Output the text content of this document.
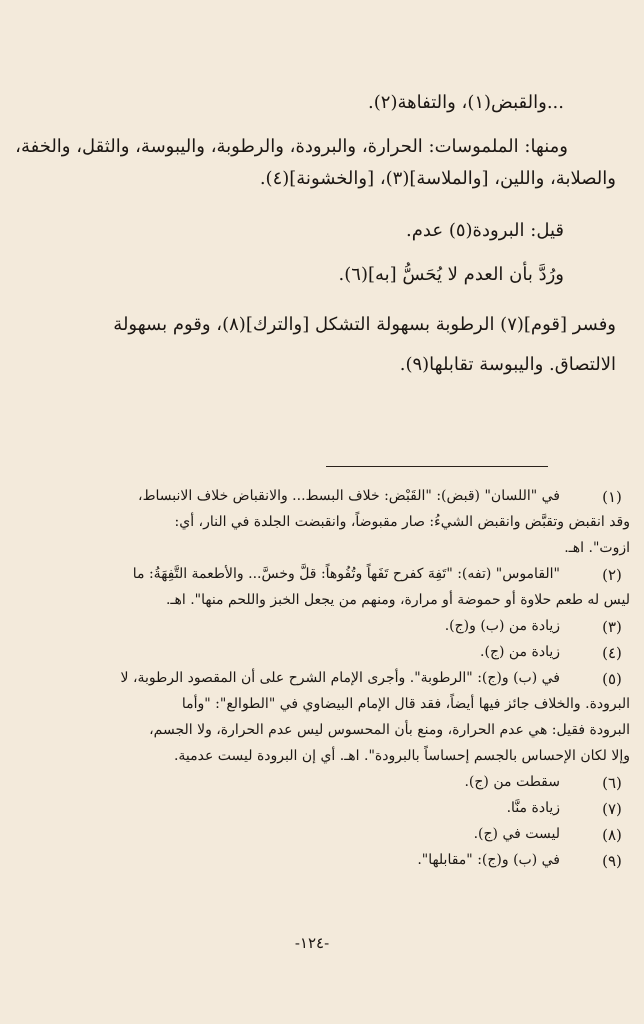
...والقبض(١)، والتفاهة(٢).

ومنها: الملموسات: الحرارة، والبرودة، والرطوبة، واليبوسة، والثقل، والخفة،

والصلابة، واللين، [والملاسة](٣)، [والخشونة](٤).

قيل: البرودة(٥) عدم.

ورُدَّ بأن العدم لا يُحَسُّ [به](٦).

وفسر [قوم](٧) الرطوبة بسهولة التشكل [والترك](٨)، وقوم بسهولة

الالتصاق. واليبوسة تقابلها(٩).

(١)
في "اللسان" (قبض): "القَبْض: خلاف البسط... والانقباض خلاف الانبساط،
وقد انقبض وتقبَّض وانقبض الشيءُ: صار مقبوضاً، وانقبضت الجلدة في النار، أي:
ازوت". اهـ.
(٢)
"القاموس" (تفه): "تَفِهَ كفرح تَفَهاً وتُفُوهاً: قلَّ وخسَّ... والأطعمة التَّفِهَةُ: ما
ليس له طعم حلاوة أو حموضة أو مرارة، ومنهم من يجعل الخبز واللحم منها". اهـ.
(٣)
زيادة من (ب) و(ج).
(٤)
زيادة من (ج).
(٥)
في (ب) و(ج): "الرطوبة". وأجرى الإمام الشرح على أن المقصود الرطوبة، لا
البرودة. والخلاف جائز فيها أيضاً، فقد قال الإمام البيضاوي في "الطوالع": "وأما
البرودة فقيل: هي عدم الحرارة، ومنع بأن المحسوس ليس عدم الحرارة، ولا الجسم،
وإلا لكان الإحساس بالجسم إحساساً بالبرودة". اهـ. أي إن البرودة ليست عدمية.
(٦)
سقطت من (ج).
(٧)
زيادة منَّا.
(٨)
ليست في (ج).
(٩)
في (ب) و(ج): "مقابلها".
-١٢٤-
